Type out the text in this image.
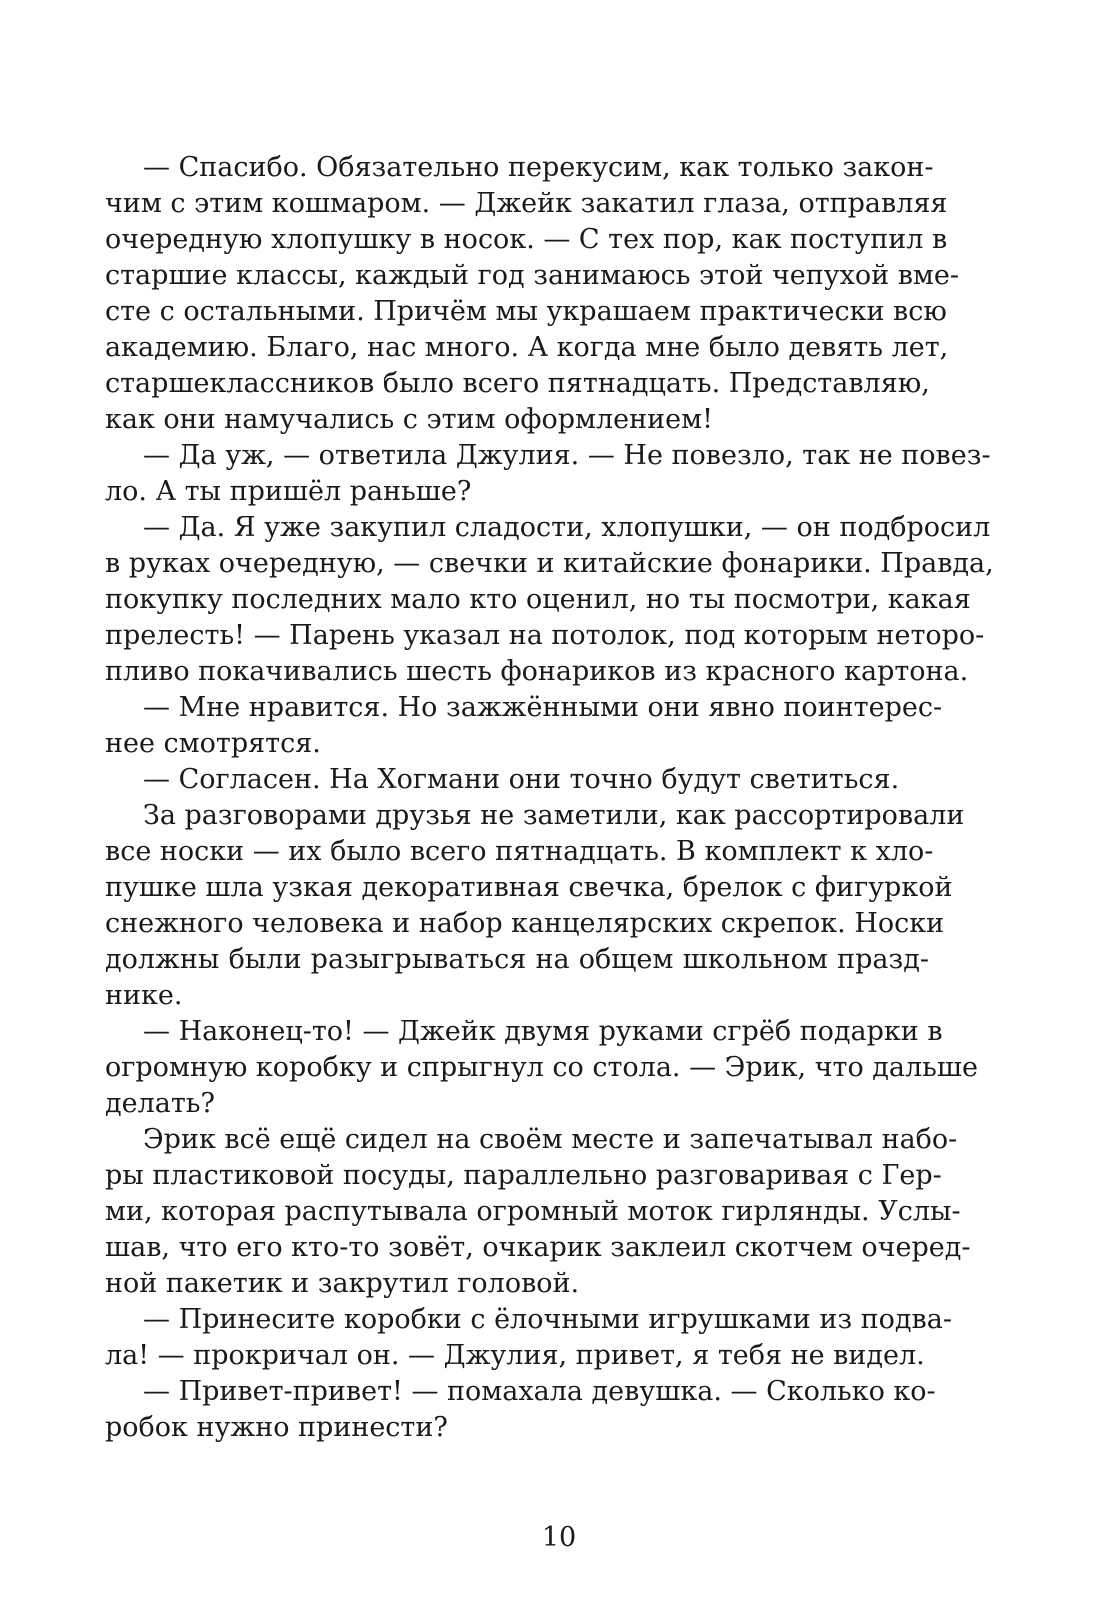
— Спасибо. Обязательно перекусим, как только закон-
чим с этим кошмаром. — Джейк закатил глаза, отправляя
очередную хлопушку в носок. — С тех пор, как поступил в
старшие классы, каждый год занимаюсь этой чепухой вме-
сте с остальными. Причём мы украшаем практически всю
академию. Благо, нас много. А когда мне было девять лет,
старшеклассников было всего пятнадцать. Представляю,
как они намучались с этим оформлением!
— Да уж, — ответила Джулия. — Не повезло, так не повез-
ло. А ты пришёл раньше?
— Да. Я уже закупил сладости, хлопушки, — он подбросил
в руках очередную, — свечки и китайские фонарики. Правда,
покупку последних мало кто оценил, но ты посмотри, какая
прелесть! — Парень указал на потолок, под которым нетoро-
пливо покачивались шесть фонариков из красного картона.
— Мне нравится. Но зажжёнными они явно поинтерес-
нее смотрятся.
— Согласен. На Хогмани они точно будут светиться.
За разговорами друзья не заметили, как рассортировали
все носки — их было всего пятнадцать. В комплект к хло-
пушке шла узкая декоративная свечка, брелок с фигуркой
снежного человека и набор канцелярских скрепок. Носки
должны были разыгрываться на общем школьном празд-
нике.
— Наконец-то! — Джейк двумя руками сгрёб подарки в
огромную коробку и спрыгнул со стола. — Эрик, что дальше
делать?
Эрик всё ещё сидел на своём месте и запечатывал набо-
ры пластиковой посуды, параллельно разговаривая с Гер-
ми, которая распутывала огромный моток гирлянды. Услы-
шав, что его кто-то зовёт, очкарик заклеил скотчем очеред-
ной пакетик и закрутил головой.
— Принесите коробки с ёлочными игрушками из подва-
ла! — прокричал он. — Джулия, привет, я тебя не видел.
— Привет-привет! — помахала девушка. — Сколько ко-
робок нужно принести?
10
